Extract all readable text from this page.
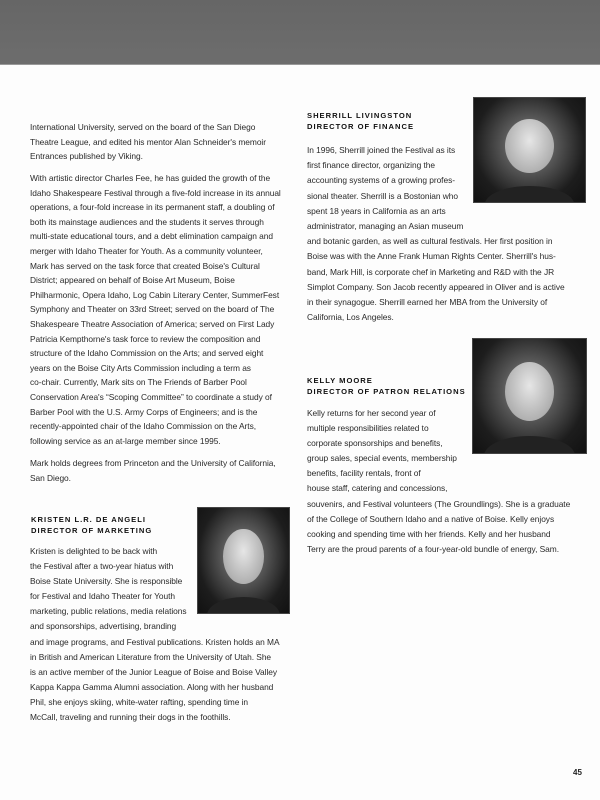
International University, served on the board of the San Diego
Theatre League, and edited his mentor Alan Schneider's memoir
Entrances published by Viking.

With artistic director Charles Fee, he has guided the growth of the
Idaho Shakespeare Festival through a five-fold increase in its annual
operations, a four-fold increase in its permanent staff, a doubling of
both its mainstage audiences and the students it serves through
multi-state educational tours, and a debt elimination campaign and
merger with Idaho Theater for Youth. As a community volunteer,
Mark has served on the task force that created Boise's Cultural
District; appeared on behalf of Boise Art Museum, Boise
Philharmonic, Opera Idaho, Log Cabin Literary Center, SummerFest
Symphony and Theater on 33rd Street; served on the board of The
Shakespeare Theatre Association of America; served on First Lady
Patricia Kempthorne's task force to review the composition and
structure of the Idaho Commission on the Arts; and served eight
years on the Boise City Arts Commission including a term as
co-chair. Currently, Mark sits on The Friends of Barber Pool
Conservation Area's “Scoping Committee” to coordinate a study of
Barber Pool with the U.S. Army Corps of Engineers; and is the
recently-appointed chair of the Idaho Commission on the Arts,
following service as an at-large member since 1995.

Mark holds degrees from Princeton and the University of California,
San Diego.

KRISTEN L.R. DE ANGELI

DIRECTOR OF MARKETING

Kristen is delighted to be back with
the Festival after a two-year hiatus with
Boise State University. She is responsible
for Festival and Idaho Theater for Youth
marketing, public relations, media relations
and sponsorships, advertising, branding
and image programs, and Festival publications. Kristen holds an MA
in British and American Literature from the University of Utah. She
is an active member of the Junior League of Boise and Boise Valley
Kappa Kappa Gamma Alumni association. Along with her husband
Phil, she enjoys skiing, white-water rafting, spending time in
McCall, traveling and running their dogs in the foothills.

SHERRILL LIVINGSTON

DIRECTOR OF FINANCE

In 1996, Sherrill joined the Festival as its
first finance director, organizing the
accounting systems of a growing profes-
sional theater. Sherrill is a Bostonian who
spent 18 years in California as an arts
administrator, managing an Asian museum
and botanic garden, as well as cultural festivals. Her first position in
Boise was with the Anne Frank Human Rights Center. Sherrill's hus-
band, Mark Hill, is corporate chef in Marketing and R&D with the JR
Simplot Company. Son Jacob recently appeared in Oliver and is active
in their synagogue. Sherrill earned her MBA from the University of
California, Los Angeles.

KELLY MOORE

DIRECTOR OF PATRON RELATIONS

Kelly returns for her second year of
multiple responsibilities related to
corporate sponsorships and benefits,
group sales, special events, membership
benefits, facility rentals, front of
house staff, catering and concessions,
souvenirs, and Festival volunteers (The Groundlings). She is a graduate
of the College of Southern Idaho and a native of Boise. Kelly enjoys
cooking and spending time with her friends. Kelly and her husband
Terry are the proud parents of a four-year-old bundle of energy, Sam.

45
